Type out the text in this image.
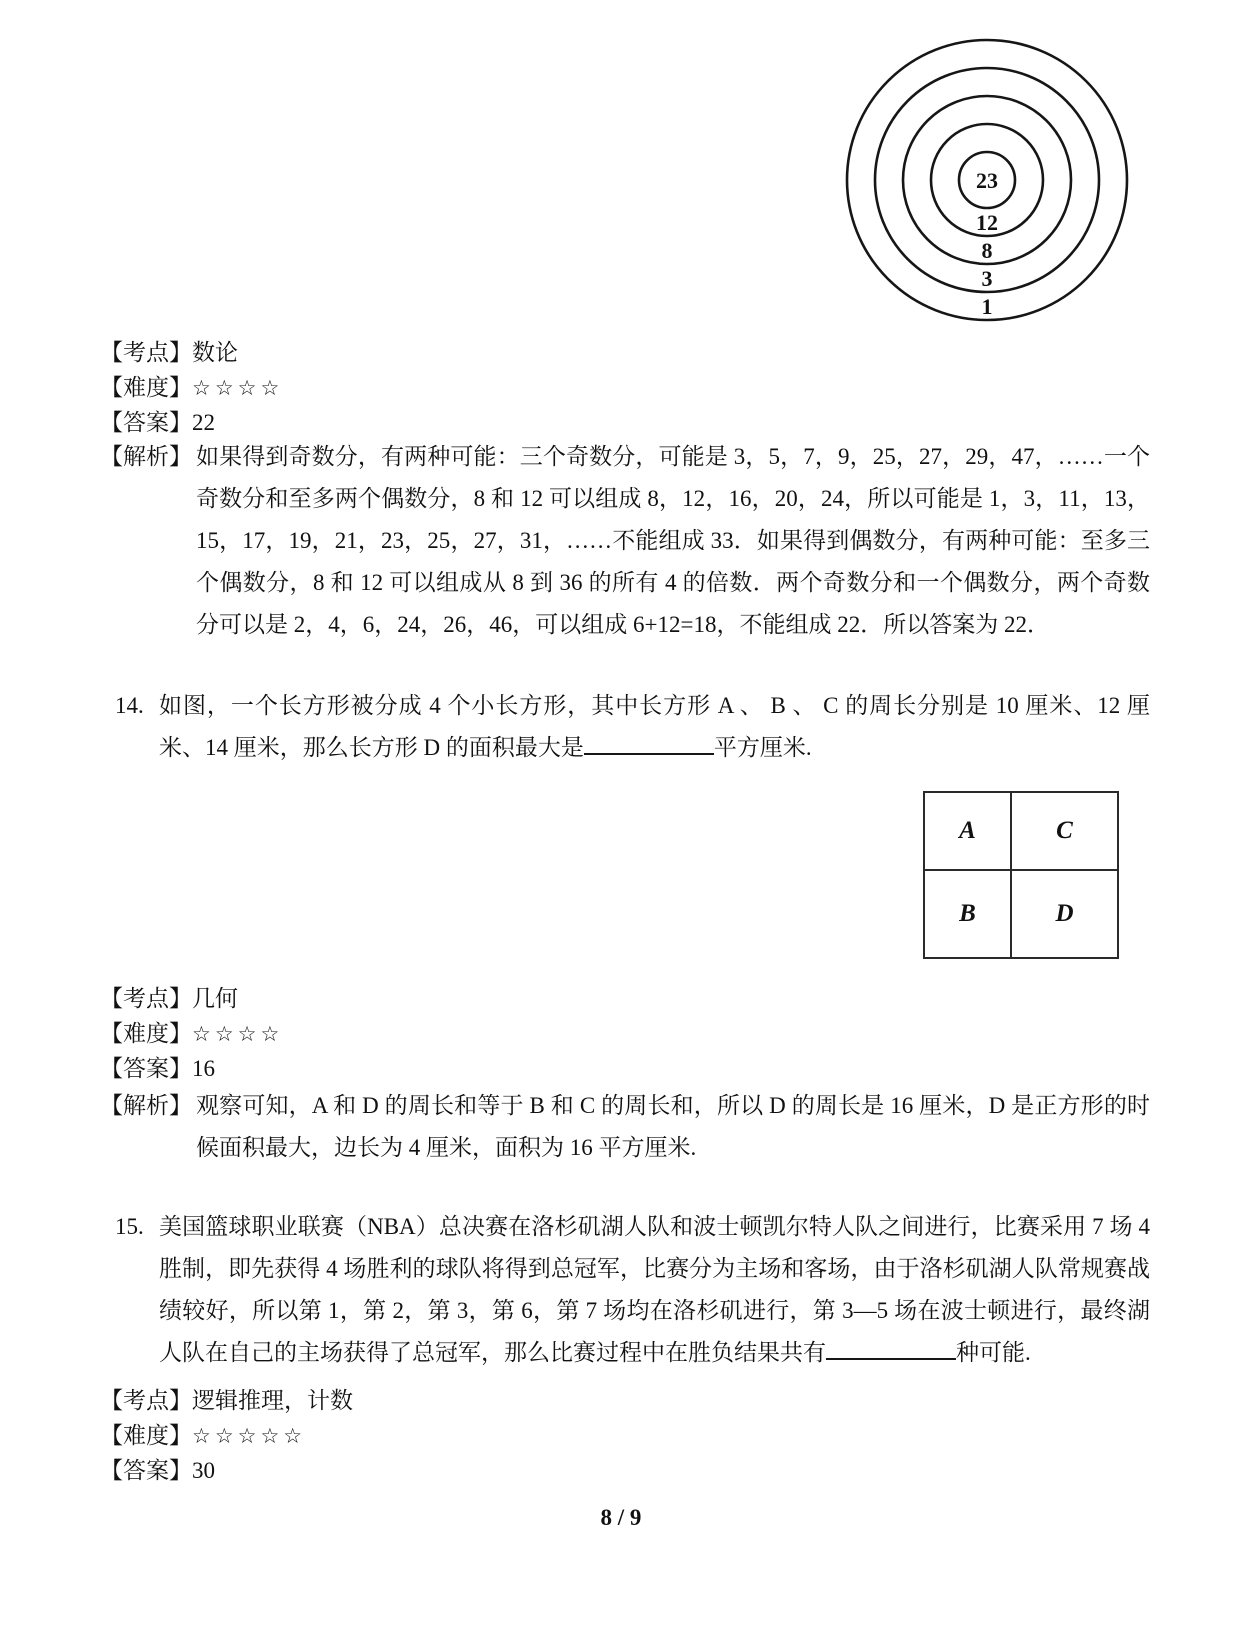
23
12
8
3
1
【考点】 数论
【难度】 ☆☆☆☆
【答案】 22
【解析】 如果得到奇数分，有两种可能：三个奇数分，可能是 3，5，7，9，25，27，29，47，……一个奇数分和至多两个偶数分，8 和 12 可以组成 8，12，16，20，24，所以可能是 1，3，11，13，15，17，19，21，23，25，27，31，……不能组成 33．如果得到偶数分，有两种可能：至多三个偶数分，8 和 12 可以组成从 8 到 36 的所有 4 的倍数．两个奇数分和一个偶数分，两个奇数分可以是 2，4，6，24，26，46，可以组成 6+12=18，不能组成 22．所以答案为 22．

14. 如图，一个长方形被分成 4 个小长方形，其中长方形 A 、 B 、 C 的周长分别是 10 厘米、12 厘米、14 厘米，那么长方形 D 的面积最大是	平方厘米.

A	C
B	D
【考点】 几何
【难度】 ☆☆☆☆
【答案】 16
【解析】 观察可知，A 和 D 的周长和等于 B 和 C 的周长和，所以 D 的周长是 16 厘米，D 是正方形的时候面积最大，边长为 4 厘米，面积为 16 平方厘米.

15. 美国篮球职业联赛（NBA）总决赛在洛杉矶湖人队和波士顿凯尔特人队之间进行，比赛采用 7 场 4 胜制，即先获得 4 场胜利的球队将得到总冠军，比赛分为主场和客场，由于洛杉矶湖人队常规赛战绩较好，所以第 1，第 2，第 3，第 6，第 7 场均在洛杉矶进行，第 3—5 场在波士顿进行，最终湖人队在自己的主场获得了总冠军，那么比赛过程中在胜负结果共有	种可能.

【考点】 逻辑推理，计数
【难度】 ☆☆☆☆☆
【答案】 30
8 / 9
